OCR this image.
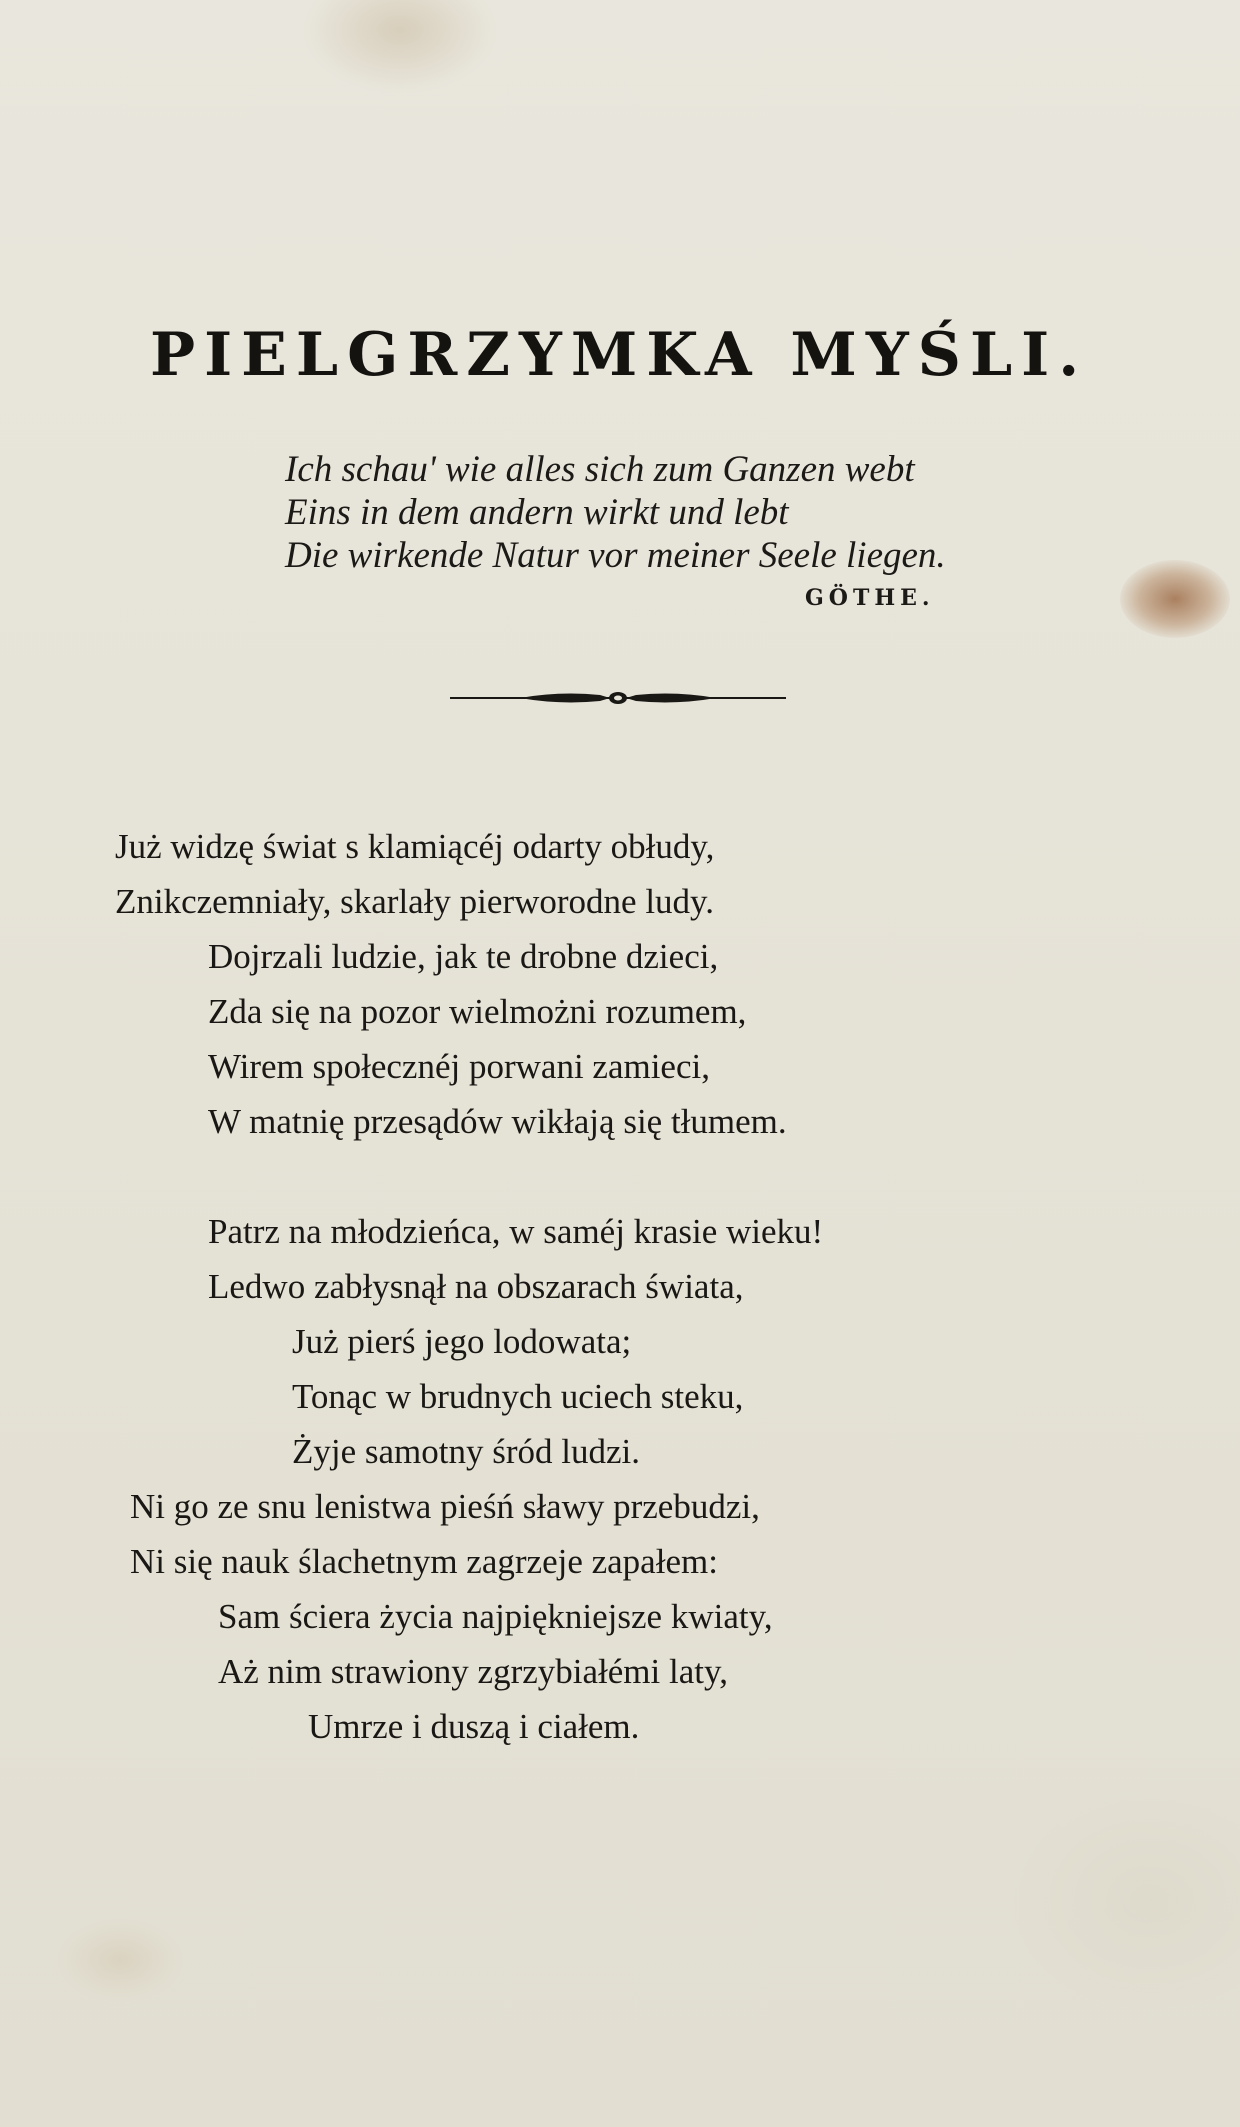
PIELGRZYMKA MYŚLI.
Ich schau' wie alles sich zum Ganzen webt
Eins in dem andern wirkt und lebt
Die wirkende Natur vor meiner Seele liegen.
GÖTHE.
Już widzę świat s klamiącéj odarty obłudy,
Znikczemniały, skarlały pierworodne ludy.
Dojrzali ludzie, jak te drobne dzieci,
Zda się na pozor wielmożni rozumem,
Wirem społecznéj porwani zamieci,
W matnię przesądów wikłają się tłumem.
Patrz na młodzieńca, w saméj krasie wieku!
Ledwo zabłysnął na obszarach świata,
Już pierś jego lodowata;
Tonąc w brudnych uciech steku,
Żyje samotny śród ludzi.
Ni go ze snu lenistwa pieśń sławy przebudzi,
Ni się nauk ślachetnym zagrzeje zapałem:
Sam ściera życia najpiękniejsze kwiaty,
Aż nim strawiony zgrzybiałémi laty,
Umrze i duszą i ciałem.
